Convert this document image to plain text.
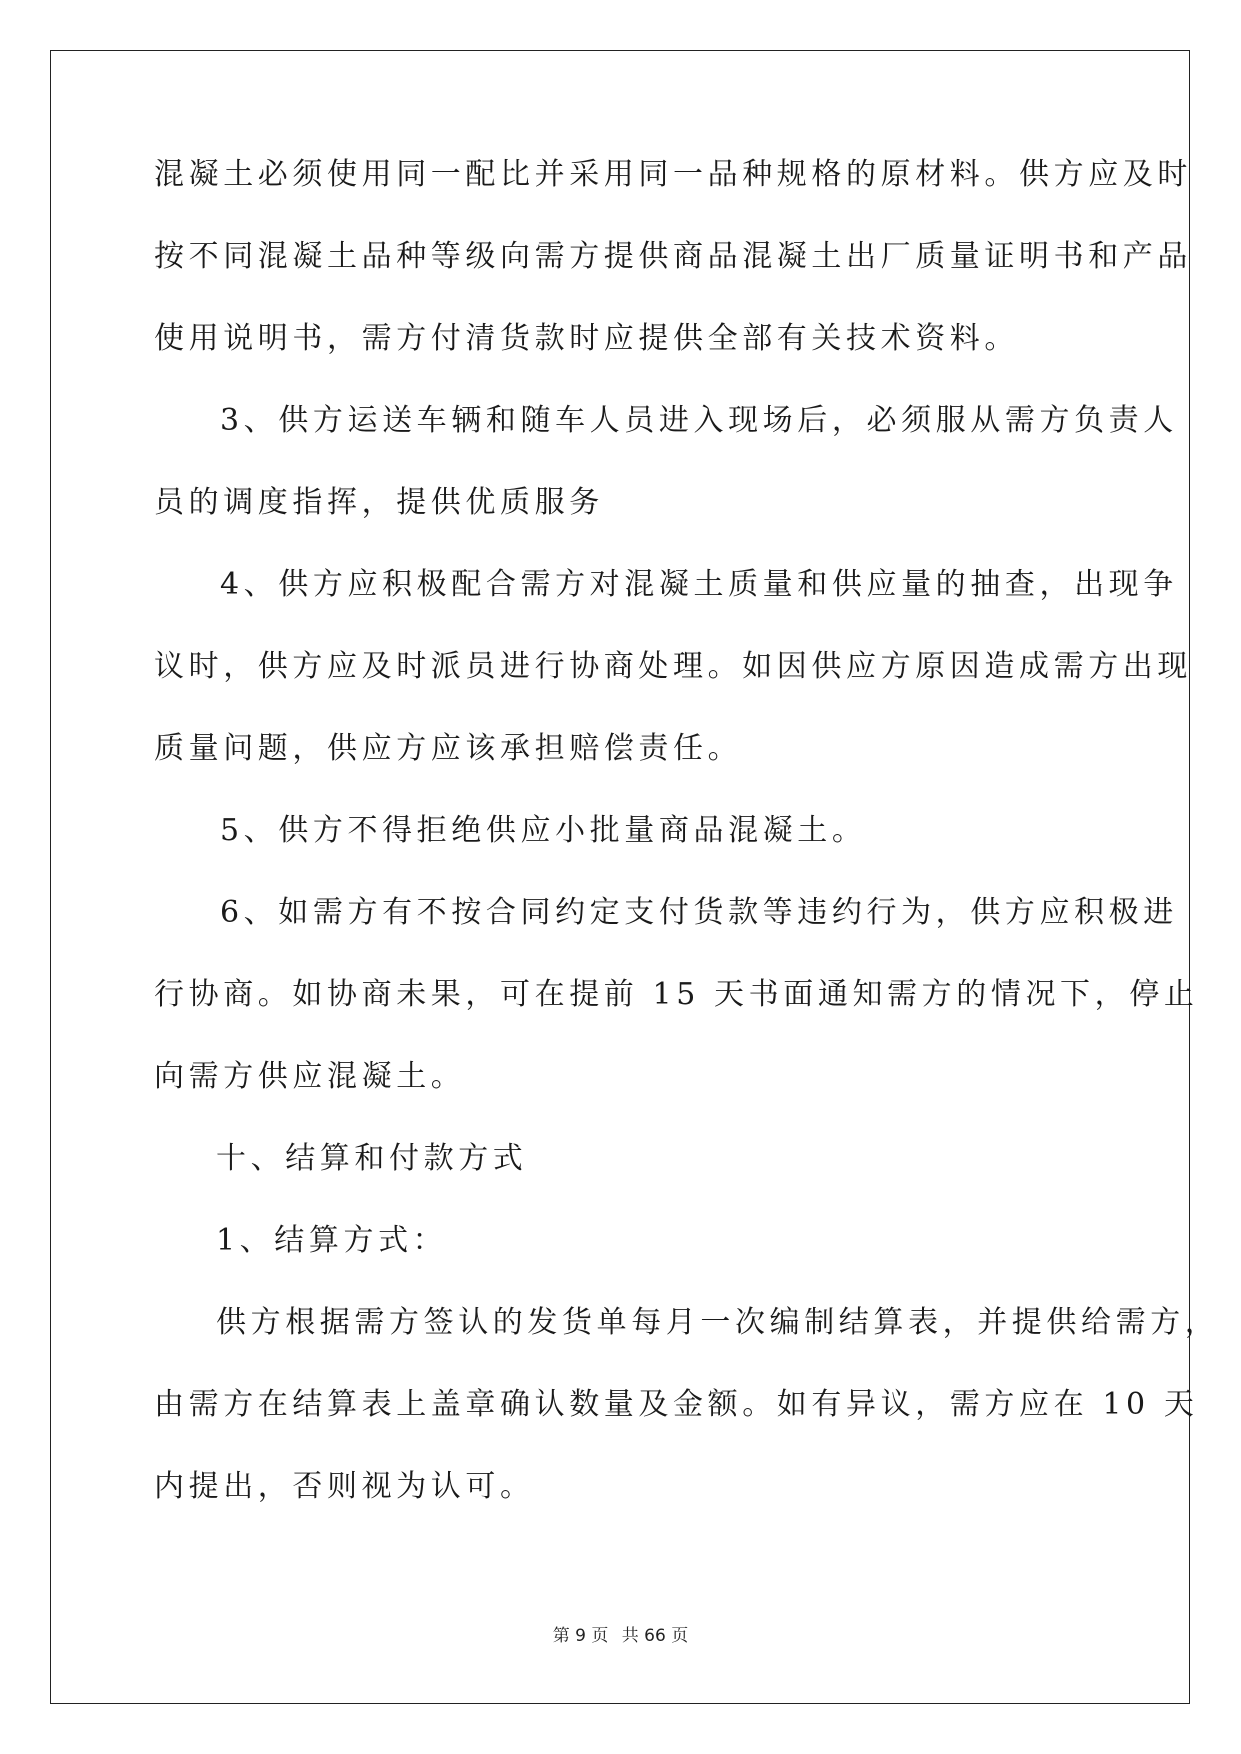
混凝土必须使用同一配比并采用同一品种规格的原材料。供方应及时
按不同混凝土品种等级向需方提供商品混凝土出厂质量证明书和产品
使用说明书，需方付清货款时应提供全部有关技术资料。
3、供方运送车辆和随车人员进入现场后，必须服从需方负责人
员的调度指挥，提供优质服务
4、供方应积极配合需方对混凝土质量和供应量的抽查，出现争
议时，供方应及时派员进行协商处理。如因供应方原因造成需方出现
质量问题，供应方应该承担赔偿责任。
5、供方不得拒绝供应小批量商品混凝土。
6、如需方有不按合同约定支付货款等违约行为，供方应积极进
行协商。如协商未果，可在提前 15 天书面通知需方的情况下，停止
向需方供应混凝土。
十、结算和付款方式
1、结算方式：
供方根据需方签认的发货单每月一次编制结算表，并提供给需方，
由需方在结算表上盖章确认数量及金额。如有异议，需方应在 10 天
内提出，否则视为认可。
第 9 页 共 66 页
